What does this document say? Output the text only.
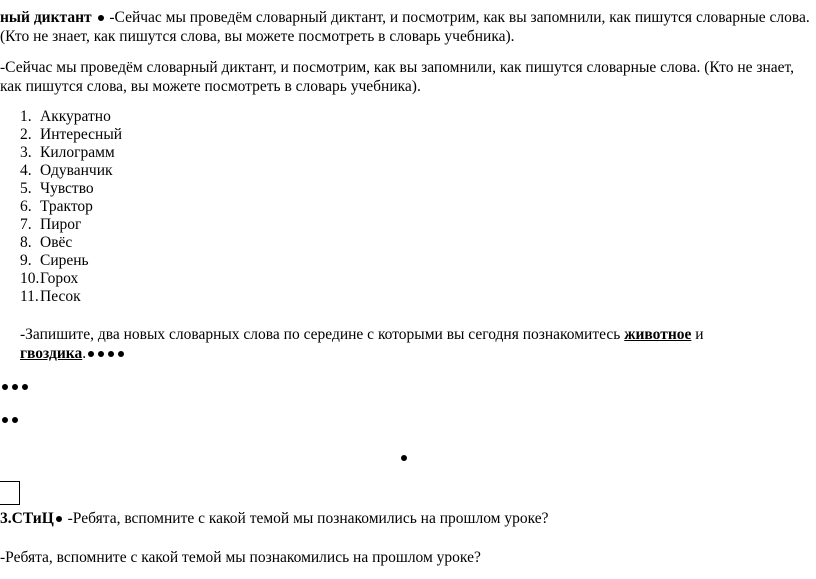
ный диктант  -Сейчас мы проведём словарный диктант, и посмотрим, как вы запомнили, как пишутся словарные слова. (Кто не знает, как пишутся слова, вы можете посмотреть в словарь учебника).
-Сейчас мы проведём словарный диктант, и посмотрим, как вы запомнили, как пишутся словарные слова. (Кто не знает, как пишутся слова, вы можете посмотреть в словарь учебника).
1. Аккуратно
2. Интересный
3. Килограмм
4. Одуванчик
5. Чувство
6. Трактор
7. Пирог
8. Овёс
9. Сирень
10.Горох
11.Песок
-Запишите, два новых словарных слова по середине с которыми вы сегодня познакомитесь животное и
гвоздика.
3.СТиЦ -Ребята, вспомните с какой темой мы познакомились на прошлом уроке?
-Ребята, вспомните с какой темой мы познакомились на прошлом уроке?
